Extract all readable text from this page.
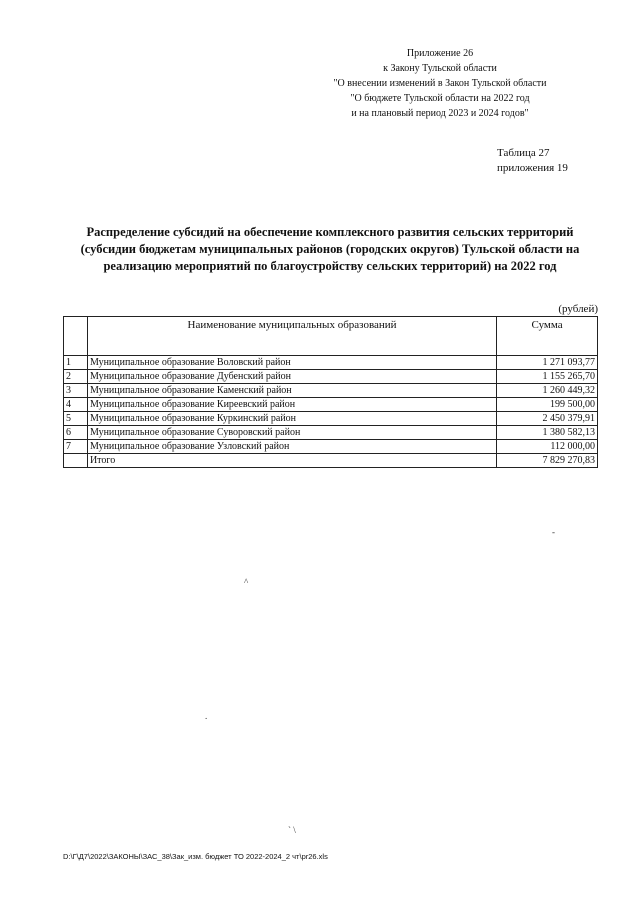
Приложение 26
к Закону Тульской области
"О внесении изменений в Закон Тульской области
"О бюджете Тульской области на 2022 год
и на плановый период 2023 и 2024 годов"
Таблица 27
приложения 19
Распределение субсидий на обеспечение комплексного развития сельских территорий
(субсидии бюджетам муниципальных районов (городских округов) Тульской области на
реализацию мероприятий по благоустройству сельских территорий) на 2022 год
(рублей)
	Наименование муниципальных образований	Сумма
1	Муниципальное образование Воловский район	1 271 093,77
2	Муниципальное образование Дубенский район	1 155 265,70
3	Муниципальное образование Каменский район	1 260 449,32
4	Муниципальное образование Киреевский район	199 500,00
5	Муниципальное образование Куркинский район	2 450 379,91
6	Муниципальное образование Суворовский район	1 380 582,13
7	Муниципальное образование Узловский район	112 000,00
	Итого	7 829 270,83
-
^
.
` \
D:\Г\Д7\2022\ЗАКОНЫ\ЗАС_38\Зак_изм. бюджет ТО 2022-2024_2 чт\pr26.xls
